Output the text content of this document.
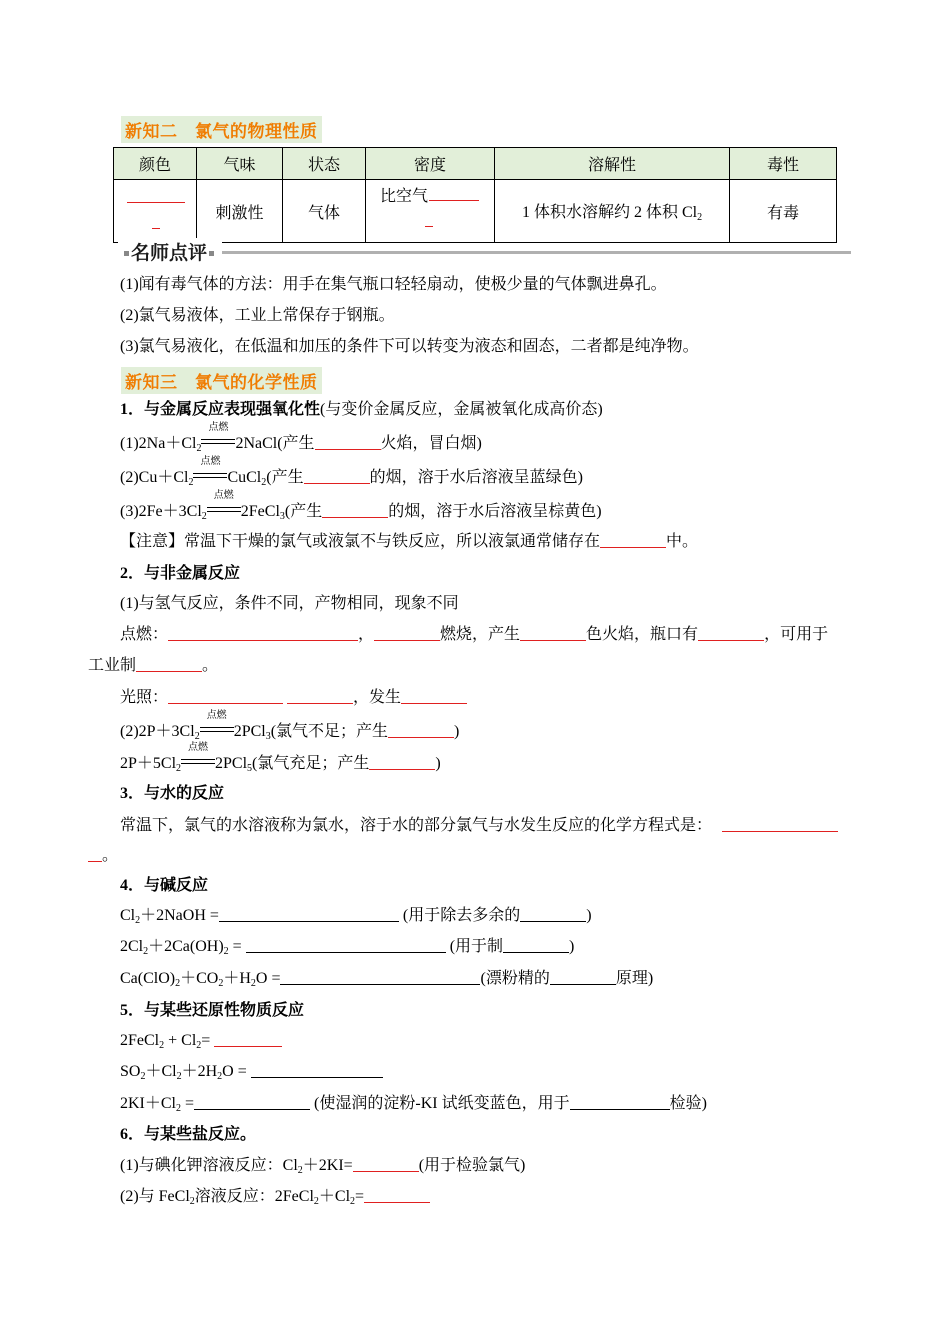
新知二　氯气的物理性质
颜色	气味	状态	密度	溶解性	毒性

	刺激性	气体	比空气	1 体积水溶解约 2 体积 $Cl_2$	有毒
名师点评
(1)闻有毒气体的方法：用手在集气瓶口轻轻扇动，使极少量的气体飘进鼻孔。
(2)氯气易液体，工业上常保存于钢瓶。
(3)氯气易液化，在低温和加压的条件下可以转变为液态和固态，二者都是纯净物。
新知三　氯气的化学性质
1．与金属反应表现强氧化性(与变价金属反应，金属被氧化成高价态)
$(1)2Na+Cl_2$
点燃
2NaCl(产生	火焰，冒白烟)
$(2)Cu+Cl_2$
点燃
CuCl$_2$(产生	的烟，溶于水后溶液呈蓝绿色)
$(3)2Fe+3Cl_2$
点燃
2FeCl$_3$(产生	的烟，溶于水后溶液呈棕黄色)
【注意】常温下干燥的氯气或液氯不与铁反应，所以液氯通常储存在	中。
2．与非金属反应
(1)与氢气反应，条件不同，产物相同，现象不同
点燃：	，	燃烧，产生	色火焰，瓶口有	，可用于
工业制	。
光照：	，发生
$(2)2P+3Cl_2$
点燃
2PCl$_3$(氯气不足；产生	)
$2P+5Cl_2$
点燃
2PCl$_5$(氯气充足；产生	)
3．与水的反应
常温下，氯气的水溶液称为氯水，溶于水的部分氯气与水发生反应的化学方程式是：
。
4．与碱反应
$Cl_2+2NaOH$ =	(用于除去多余的	)
$2Cl_2+2Ca(OH)_2$ =	(用于制	)
$Ca(ClO)_2+CO_2+H_2O$ =	(漂粉精的	原理)
5．与某些还原性物质反应
2FeCl$_2$ + $Cl_2=$
$SO_2+Cl_2+2H_2O$ =
$2KI+Cl_2$ =	(使湿润的淀粉-KI 试纸变蓝色，用于	检验)
6．与某些盐反应。
(1)与碘化钾溶液反应：$Cl_2+2KI=$	(用于检验氯气)
(2)与 FeCl$_2$溶液反应：$2FeCl_2+Cl_2=$
